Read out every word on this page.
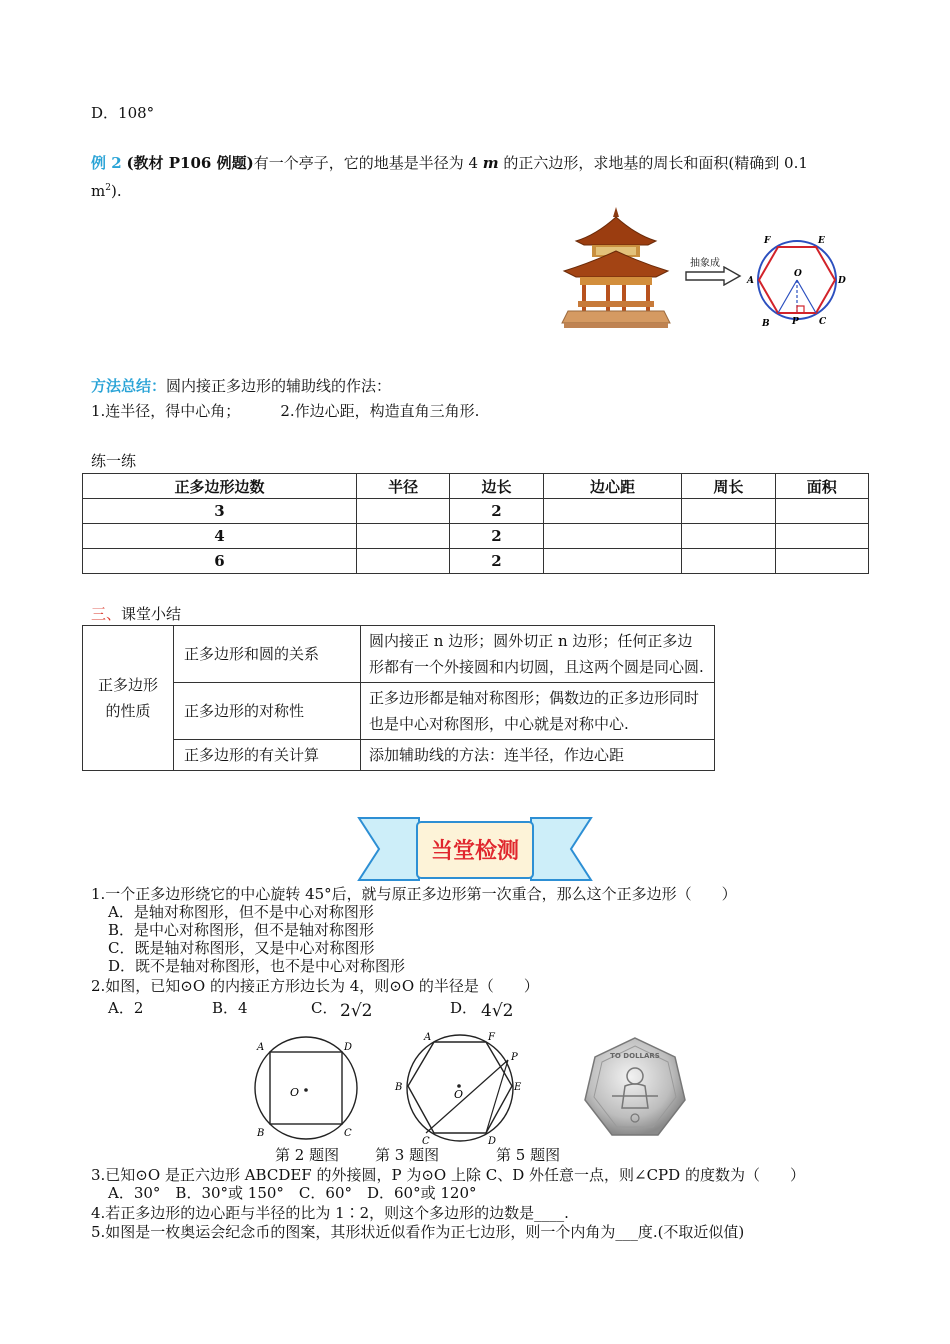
D．108°
例 2 (教材 P106 例题)有一个亭子，它的地基是半径为 4 m 的正六边形，求地基的周长和面积(精确到 0.1
$m^2$).
抽象成
F	E
A	D
O
B P C
方法总结：圆内接正多边形的辅助线的作法：
1.连半径，得中心角；	2.作边心距，构造直角三角形.
练一练
正多边形边数	半径	边长	边心距	周长	面积
3		2			
4		2			
6		2			
三、课堂小结
正多边形的性质	正多边形和圆的关系	圆内接正 n 边形；圆外切正 n 边形；任何正多边形都有一个外接圆和内切圆，且这两个圆是同心圆.
	正多边形的对称性	正多边形都是轴对称图形；偶数边的正多边形同时也是中心对称图形，中心就是对称中心.
	正多边形的有关计算	添加辅助线的方法：连半径，作边心距
当堂检测
1.一个正多边形绕它的中心旋转 45°后，就与原正多边形第一次重合，那么这个正多边形（　　）
A．是轴对称图形，但不是中心对称图形
B．是中心对称图形，但不是轴对称图形
C．既是轴对称图形，又是中心对称图形
D．既不是轴对称图形，也不是中心对称图形
2.如图，已知⊙O 的内接正方形边长为 4，则⊙O 的半径是（　　）
A．2	B．4	C． 2√2	D． 4√2
O
A	D
B	C
O
A	F
P
E
B
C	D
TO DOLLARS
第 2 题图 第 3 题图	第 5 题图
3.已知⊙O 是正六边形 ABCDEF 的外接圆，P 为⊙O 上除 C、D 外任意一点，则∠CPD 的度数为（　　）
A．30°　B．30°或 150°　C．60°　D．60°或 120°
4.若正多边形的边心距与半径的比为 1∶2，则这个多边形的边数是____.
5.如图是一枚奥运会纪念币的图案，其形状近似看作为正七边形，则一个内角为___度.(不取近似值)
